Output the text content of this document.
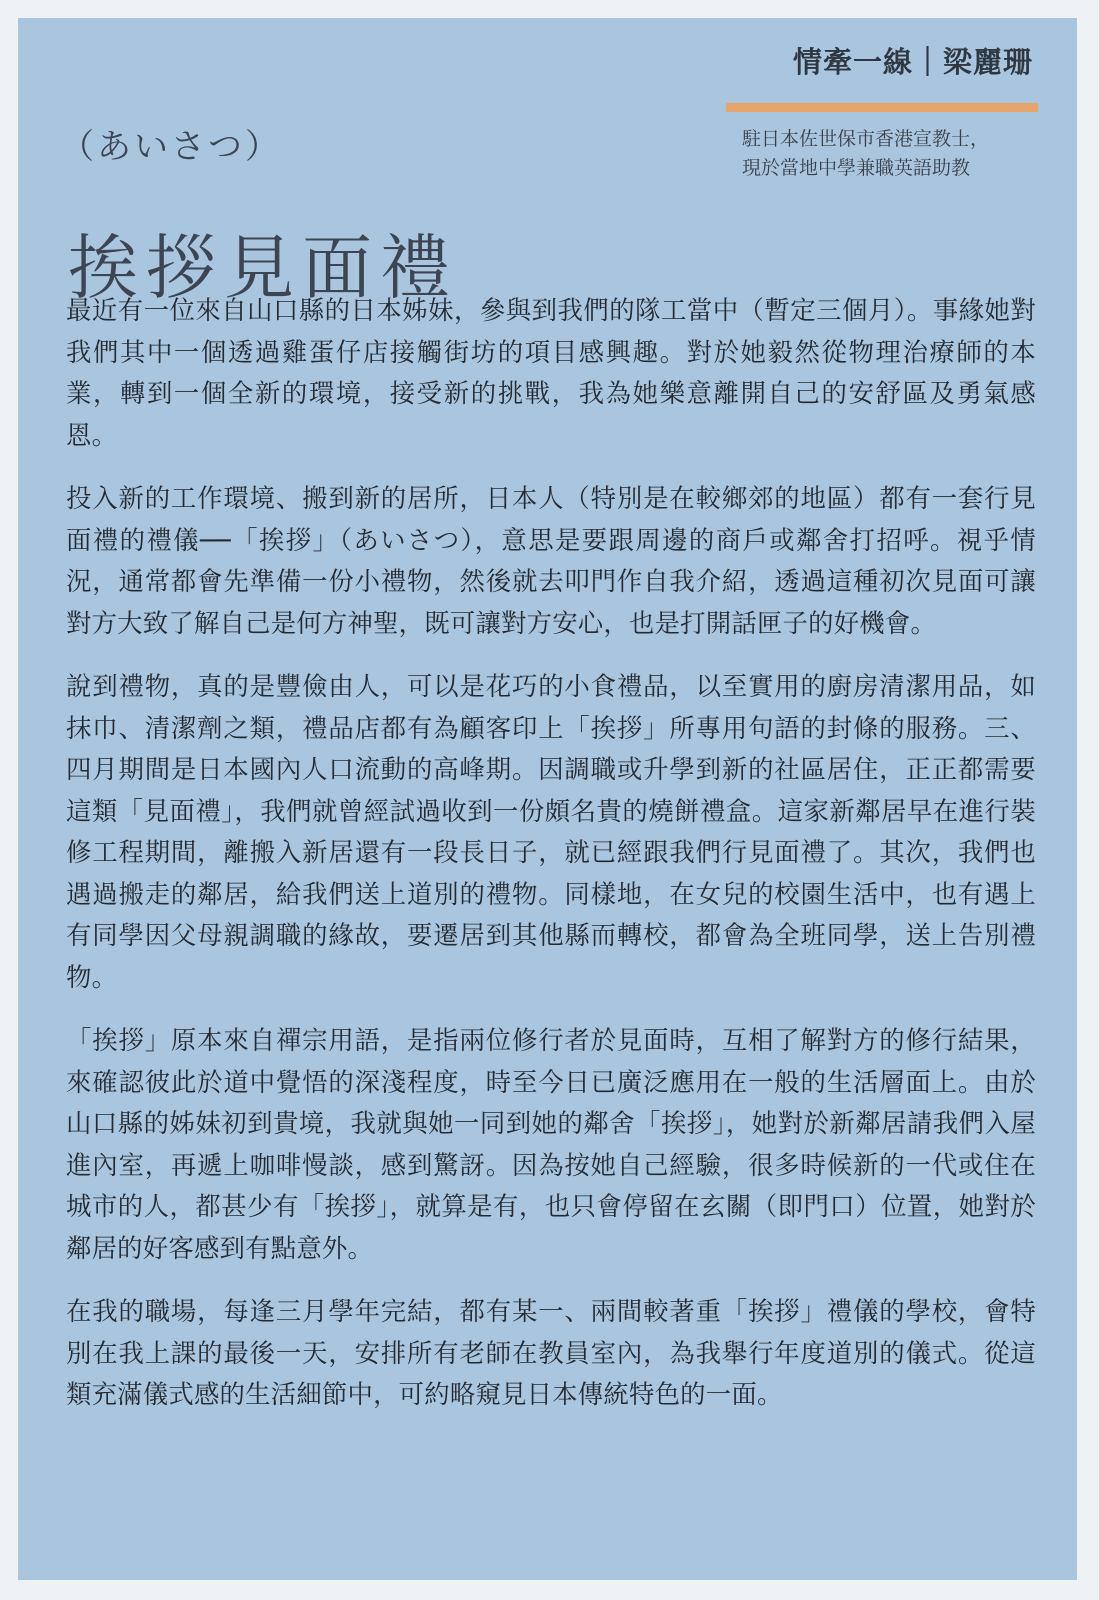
情牽一線｜梁麗珊
駐日本佐世保市香港宣教士，
現於當地中學兼職英語助教
（あいさつ）
挨拶見面禮

最近有一位來自山口縣的日本姊妹，參與到我們的隊工當中（暫定三個月）。事緣她對我們其中一個透過雞蛋仔店接觸街坊的項目感興趣。對於她毅然從物理治療師的本業，轉到一個全新的環境，接受新的挑戰，我為她樂意離開自己的安舒區及勇氣感恩。

投入新的工作環境、搬到新的居所，日本人（特別是在較鄉郊的地區）都有一套行見面禮的禮儀──「挨拶」（あいさつ），意思是要跟周邊的商戶或鄰舍打招呼。視乎情況，通常都會先準備一份小禮物，然後就去叩門作自我介紹，透過這種初次見面可讓對方大致了解自己是何方神聖，既可讓對方安心，也是打開話匣子的好機會。

說到禮物，真的是豐儉由人，可以是花巧的小食禮品，以至實用的廚房清潔用品，如抹巾、清潔劑之類，禮品店都有為顧客印上「挨拶」所專用句語的封條的服務。三、四月期間是日本國內人口流動的高峰期。因調職或升學到新的社區居住，正正都需要這類「見面禮」，我們就曾經試過收到一份頗名貴的燒餅禮盒。這家新鄰居早在進行裝修工程期間，離搬入新居還有一段長日子，就已經跟我們行見面禮了。其次，我們也遇過搬走的鄰居，給我們送上道別的禮物。同樣地，在女兒的校園生活中，也有遇上有同學因父母親調職的緣故，要遷居到其他縣而轉校，都會為全班同學，送上告別禮物。

「挨拶」原本來自禪宗用語，是指兩位修行者於見面時，互相了解對方的修行結果，來確認彼此於道中覺悟的深淺程度，時至今日已廣泛應用在一般的生活層面上。由於山口縣的姊妹初到貴境，我就與她一同到她的鄰舍「挨拶」，她對於新鄰居請我們入屋進內室，再遞上咖啡慢談，感到驚訝。因為按她自己經驗，很多時候新的一代或住在城市的人，都甚少有「挨拶」，就算是有，也只會停留在玄關（即門口）位置，她對於鄰居的好客感到有點意外。

在我的職場，每逢三月學年完結，都有某一、兩間較著重「挨拶」禮儀的學校，會特別在我上課的最後一天，安排所有老師在教員室內，為我舉行年度道別的儀式。從這類充滿儀式感的生活細節中，可約略窺見日本傳統特色的一面。
